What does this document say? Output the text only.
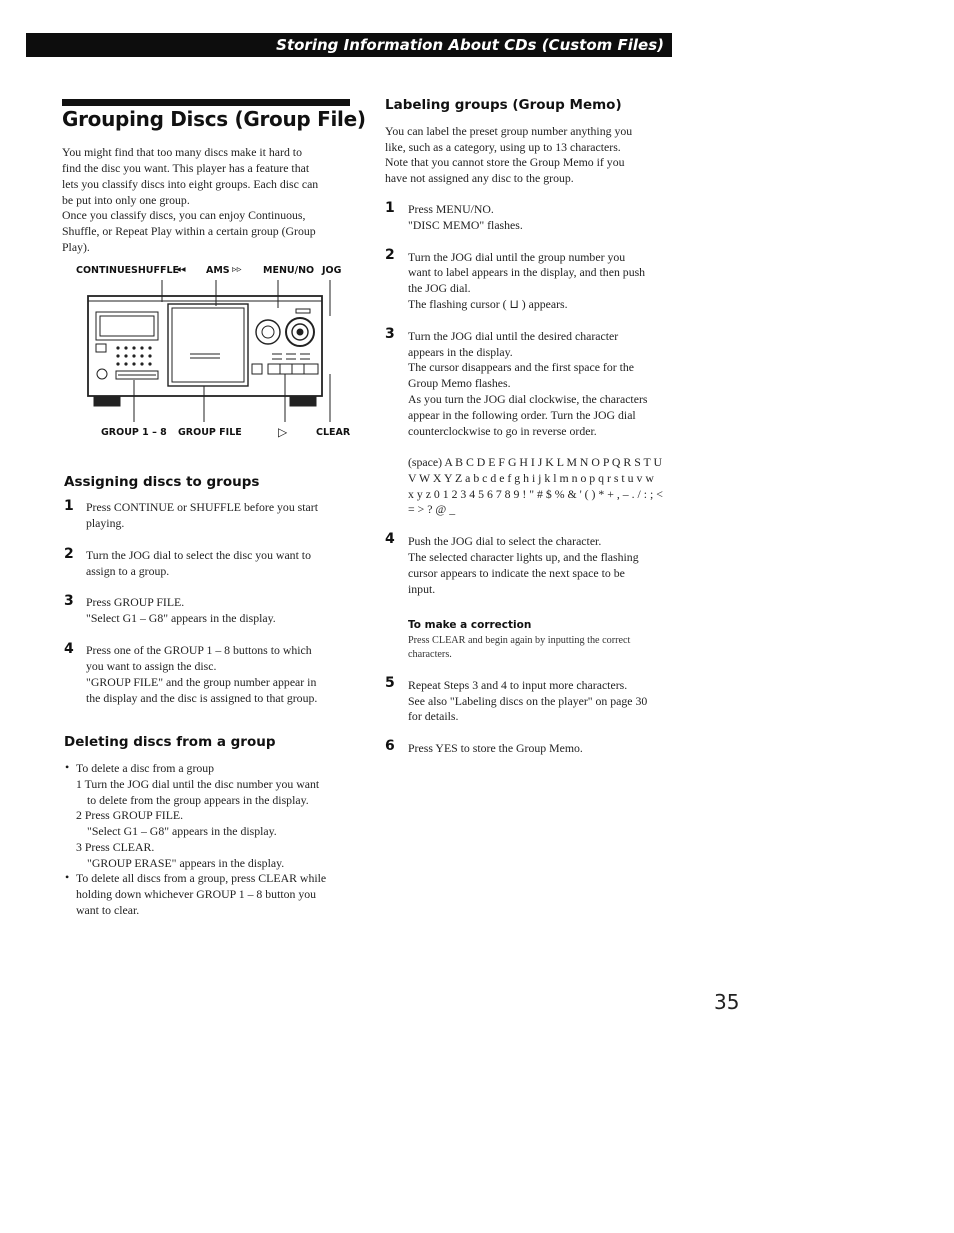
Storing Information About CDs (Custom Files)
Grouping Discs (Group File)
You might find that too many discs make it hard to
find the disc you want. This player has a feature that
lets you classify discs into eight groups. Each disc can
be put into only one group.
Once you classify discs, you can enjoy Continuous,
Shuffle, or Repeat Play within a certain group (Group
Play).
CONTINUE SHUFFLE
◂◂ AMS ▹▹ MENU/NO JOG
GROUP 1 – 8 GROUP FILE	▷	CLEAR
Assigning discs to groups
1 Press CONTINUE or SHUFFLE before you start
playing.
2 Turn the JOG dial to select the disc you want to
assign to a group.
3 Press GROUP FILE.
"Select G1 – G8" appears in the display.
4 Press one of the GROUP 1 – 8 buttons to which
you want to assign the disc.
"GROUP FILE" and the group number appear in
the display and the disc is assigned to that group.
Deleting discs from a group
• To delete a disc from a group
1 Turn the JOG dial until the disc number you want
to delete from the group appears in the display.
2 Press GROUP FILE.
"Select G1 – G8" appears in the display.
3 Press CLEAR.
"GROUP ERASE" appears in the display.
• To delete all discs from a group, press CLEAR while
holding down whichever GROUP 1 – 8 button you
want to clear.
Labeling groups (Group Memo)
You can label the preset group number anything you
like, such as a category, using up to 13 characters.
Note that you cannot store the Group Memo if you
have not assigned any disc to the group.
1 Press MENU/NO.
"DISC MEMO" flashes.
2 Turn the JOG dial until the group number you
want to label appears in the display, and then push
the JOG dial.
The flashing cursor ( ⊔ ) appears.
3 Turn the JOG dial until the desired character
appears in the display.
The cursor disappears and the first space for the
Group Memo flashes.
As you turn the JOG dial clockwise, the characters
appear in the following order. Turn the JOG dial
counterclockwise to go in reverse order.
(space) A B C D E F G H I J K L M N O P Q R S T U
V W X Y Z a b c d e f g h i j k l m n o p q r s t u v w
x y z 0 1 2 3 4 5 6 7 8 9 ! " # $ % & ' ( ) * + , – . / : ; <
= > ? @ _
4 Push the JOG dial to select the character.
The selected character lights up, and the flashing
cursor appears to indicate the next space to be
input.
To make a correction
Press CLEAR and begin again by inputting the correct
characters.
5 Repeat Steps 3 and 4 to input more characters.
See also "Labeling discs on the player" on page 30
for details.
6 Press YES to store the Group Memo.
35
